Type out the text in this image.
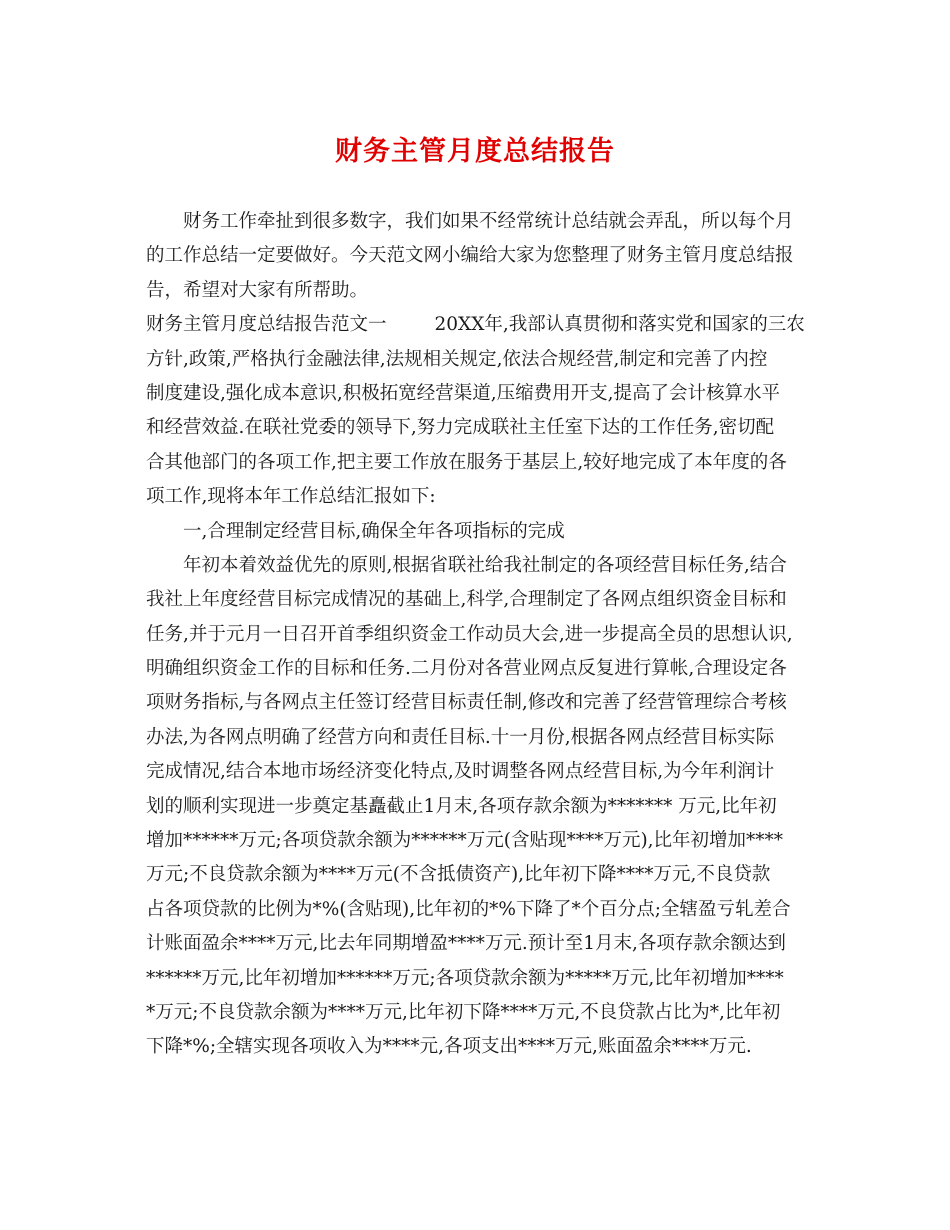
财务主管月度总结报告
财务工作牵扯到很多数字，我们如果不经常统计总结就会弄乱，所以每个月
的工作总结一定要做好。今天范文网小编给大家为您整理了财务主管月度总结报
告，希望对大家有所帮助。
财务主管月度总结报告范文一	20XX年,我部认真贯彻和落实党和国家的三农
方针,政策,严格执行金融法律,法规相关规定,依法合规经营,制定和完善了内控
制度建设,强化成本意识,积极拓宽经营渠道,压缩费用开支,提高了会计核算水平
和经营效益.在联社党委的领导下,努力完成联社主任室下达的工作任务,密切配
合其他部门的各项工作,把主要工作放在服务于基层上,较好地完成了本年度的各
项工作,现将本年工作总结汇报如下:
一,合理制定经营目标,确保全年各项指标的完成
年初本着效益优先的原则,根据省联社给我社制定的各项经营目标任务,结合
我社上年度经营目标完成情况的基础上,科学,合理制定了各网点组织资金目标和
任务,并于元月一日召开首季组织资金工作动员大会,进一步提高全员的思想认识,
明确组织资金工作的目标和任务.二月份对各营业网点反复进行算帐,合理设定各
项财务指标,与各网点主任签订经营目标责任制,修改和完善了经营管理综合考核
办法,为各网点明确了经营方向和责任目标.十一月份,根据各网点经营目标实际
完成情况,结合本地市场经济变化特点,及时调整各网点经营目标,为今年利润计
划的顺利实现进一步奠定基矗截止1月末,各项存款余额为******* 万元,比年初
增加******万元;各项贷款余额为******万元(含贴现****万元),比年初增加****
万元;不良贷款余额为****万元(不含抵债资产),比年初下降****万元,不良贷款
占各项贷款的比例为*%(含贴现),比年初的*%下降了*个百分点;全辖盈亏轧差合
计账面盈余****万元,比去年同期增盈****万元.预计至1月末,各项存款余额达到
******万元,比年初增加******万元;各项贷款余额为*****万元,比年初增加****
*万元;不良贷款余额为****万元,比年初下降****万元,不良贷款占比为*,比年初
下降*%;全辖实现各项收入为****元,各项支出****万元,账面盈余****万元.
